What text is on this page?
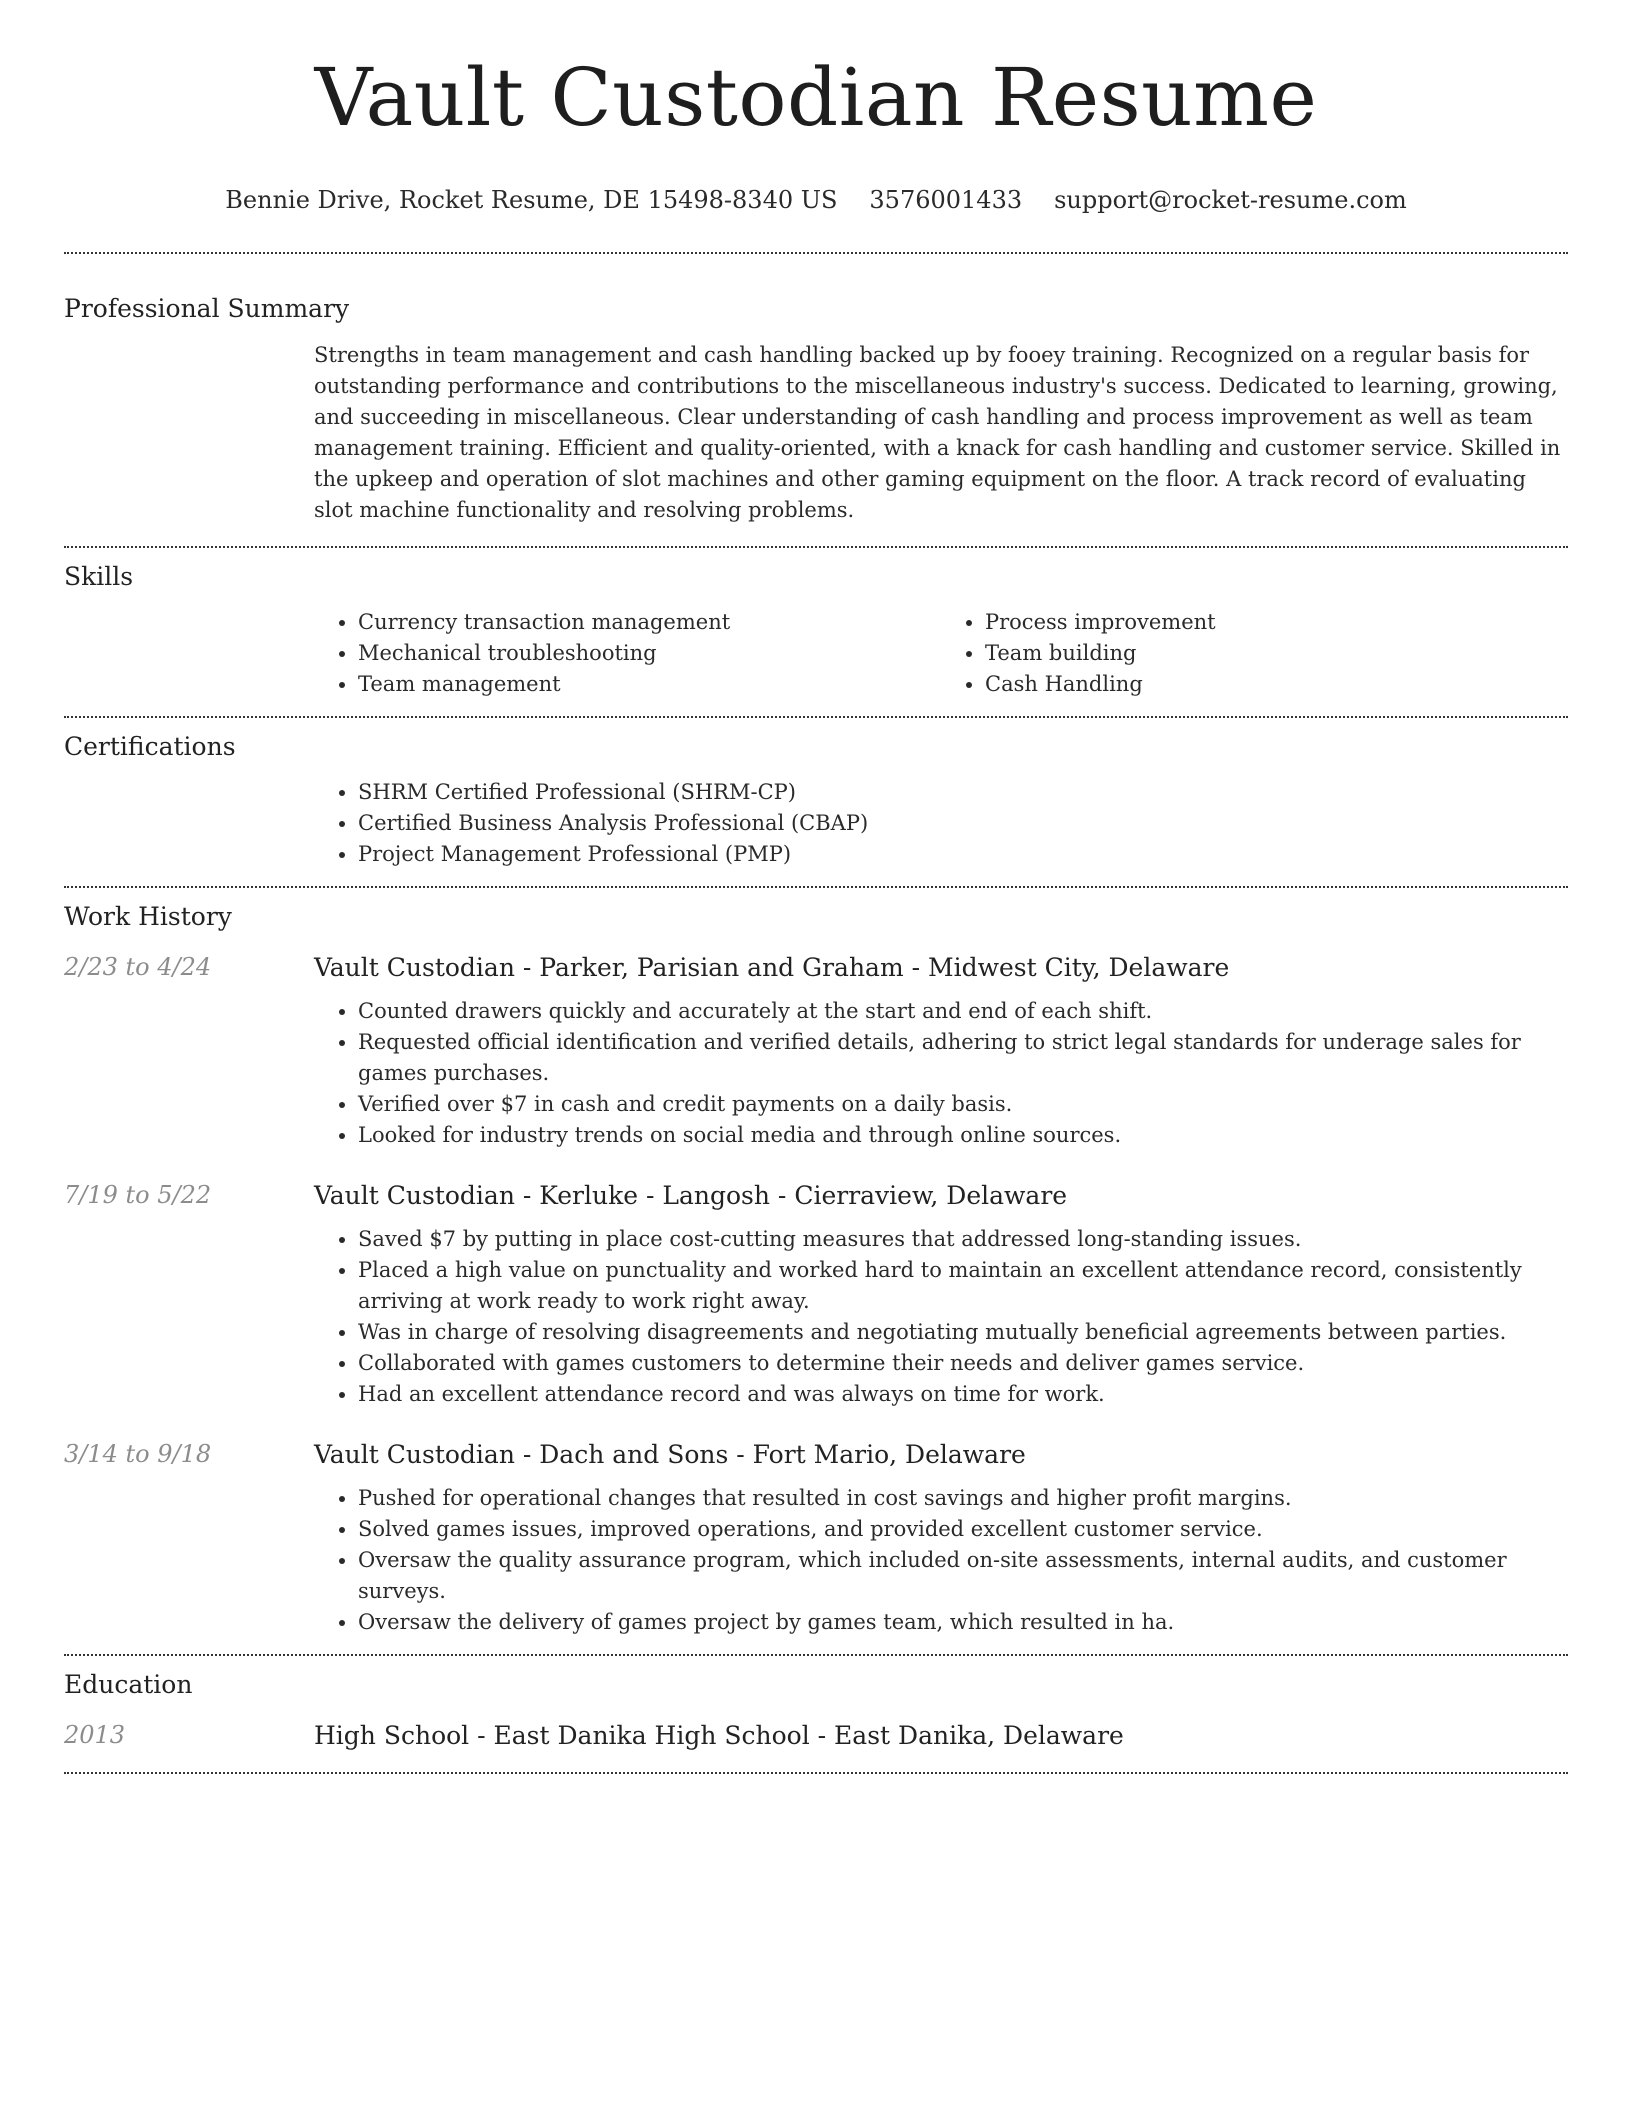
Vault Custodian Resume
Bennie Drive, Rocket Resume, DE 15498-8340 US 3576001433 support@rocket-resume.com
Professional Summary
Strengths in team management and cash handling backed up by fooey training. Recognized on a regular basis for outstanding performance and contributions to the miscellaneous industry's success. Dedicated to learning, growing, and succeeding in miscellaneous. Clear understanding of cash handling and process improvement as well as team management training. Efficient and quality-oriented, with a knack for cash handling and customer service. Skilled in the upkeep and operation of slot machines and other gaming equipment on the floor. A track record of evaluating slot machine functionality and resolving problems.
Skills
• Currency transaction management
• Mechanical troubleshooting
• Team management
• Process improvement
• Team building
• Cash Handling
Certifications
• SHRM Certified Professional (SHRM-CP)
• Certified Business Analysis Professional (CBAP)
• Project Management Professional (PMP)
Work History
2/23 to 4/24	Vault Custodian - Parker, Parisian and Graham - Midwest City, Delaware
• Counted drawers quickly and accurately at the start and end of each shift.
• Requested official identification and verified details, adhering to strict legal standards for underage sales for games purchases.
• Verified over $7 in cash and credit payments on a daily basis.
• Looked for industry trends on social media and through online sources.
7/19 to 5/22	Vault Custodian - Kerluke - Langosh - Cierraview, Delaware
• Saved $7 by putting in place cost-cutting measures that addressed long-standing issues.
• Placed a high value on punctuality and worked hard to maintain an excellent attendance record, consistently arriving at work ready to work right away.
• Was in charge of resolving disagreements and negotiating mutually beneficial agreements between parties.
• Collaborated with games customers to determine their needs and deliver games service.
• Had an excellent attendance record and was always on time for work.
3/14 to 9/18	Vault Custodian - Dach and Sons - Fort Mario, Delaware
• Pushed for operational changes that resulted in cost savings and higher profit margins.
• Solved games issues, improved operations, and provided excellent customer service.
• Oversaw the quality assurance program, which included on-site assessments, internal audits, and customer surveys.
• Oversaw the delivery of games project by games team, which resulted in ha.
Education
2013	High School - East Danika High School - East Danika, Delaware
